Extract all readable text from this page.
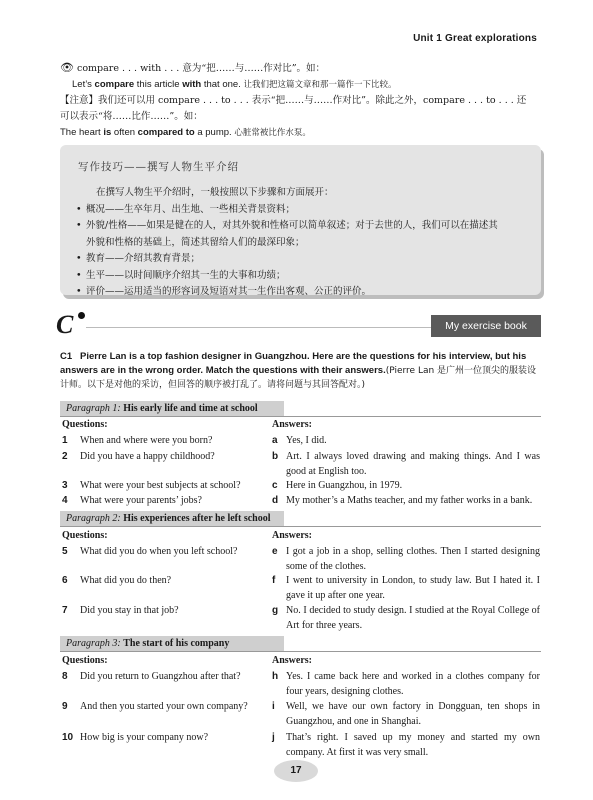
Unit 1 Great explorations
👁 compare . . . with . . . 意为“把……与……作对比”。如：
Let’s compare this article with that one. 让我们把这篇文章和那一篇作一下比较。
【注意】我们还可以用 compare . . . to . . . 表示“把……与……作对比”。除此之外，compare . . . to . . . 还
可以表示“将……比作……”。如：
The heart is often compared to a pump. 心脏常被比作水泵。
写作技巧——撰写人物生平介绍
在撰写人物生平介绍时，一般按照以下步骤和方面展开：
• 概况——生卒年月、出生地、一些相关背景资料；
• 外貌/性格——如果是健在的人，对其外貌和性格可以简单叙述；对于去世的人，我们可以在描述其
外貌和性格的基础上，简述其留给人们的最深印象；
• 教育——介绍其教育背景；
• 生平——以时间顺序介绍其一生的大事和功绩；
• 评价——运用适当的形容词及短语对其一生作出客观、公正的评价。
C	My exercise book
C1 Pierre Lan is a top fashion designer in Guangzhou. Here are the questions for his interview, but his answers are in the wrong order. Match the questions with their answers.(Pierre Lan 是广州一位顶尖的服装设计师。以下是对他的采访，但回答的顺序被打乱了。请将问题与其回答配对。)
Paragraph 1: His early life and time at school
Questions:	Answers:
1 When and where were you born?	a Yes, I did.
2 Did you have a happy childhood?	b Art. I always loved drawing and making things. And I was good at English too.
3 What were your best subjects at school?	c Here in Guangzhou, in 1979.
4 What were your parents’ jobs?	d My mother’s a Maths teacher, and my father works in a bank.
Paragraph 2: His experiences after he left school
Questions:	Answers:
5 What did you do when you left school?	e I got a job in a shop, selling clothes. Then I started designing some of the clothes.
6 What did you do then?	f I went to university in London, to study law. But I hated it. I gave it up after one year.
7 Did you stay in that job?	g No. I decided to study design. I studied at the Royal College of Art for three years.
Paragraph 3: The start of his company
Questions:	Answers:
8 Did you return to Guangzhou after that?	h Yes. I came back here and worked in a clothes company for four years, designing clothes.
9 And then you started your own company?	i Well, we have our own factory in Dongguan, ten shops in Guangzhou, and one in Shanghai.
10 How big is your company now?	j That’s right. I saved up my money and started my own company. At first it was very small.
17
